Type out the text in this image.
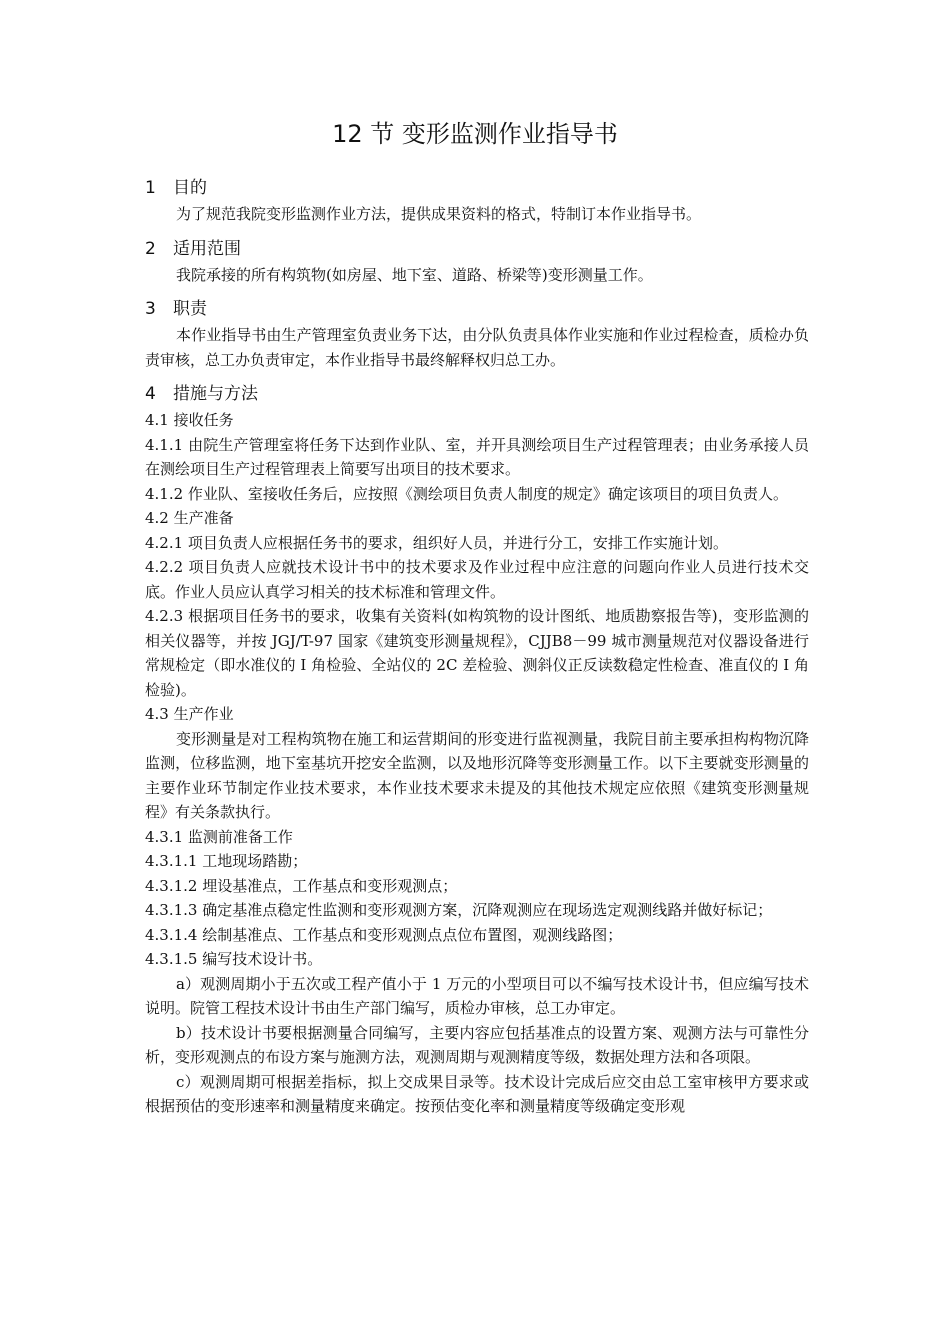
12 节 变形监测作业指导书
1 目的

为了规范我院变形监测作业方法，提供成果资料的格式，特制订本作业指导书。

2 适用范围

我院承接的所有构筑物(如房屋、地下室、道路、桥梁等)变形测量工作。

3 职责

本作业指导书由生产管理室负责业务下达，由分队负责具体作业实施和作业过程检查，质检办负责审核，总工办负责审定，本作业指导书最终解释权归总工办。

4 措施与方法

4.1 接收任务

4.1.1 由院生产管理室将任务下达到作业队、室，并开具测绘项目生产过程管理表；由业务承接人员在测绘项目生产过程管理表上简要写出项目的技术要求。

4.1.2 作业队、室接收任务后，应按照《测绘项目负责人制度的规定》确定该项目的项目负责人。

4.2 生产准备

4.2.1 项目负责人应根据任务书的要求，组织好人员，并进行分工，安排工作实施计划。

4.2.2 项目负责人应就技术设计书中的技术要求及作业过程中应注意的问题向作业人员进行技术交底。作业人员应认真学习相关的技术标准和管理文件。

4.2.3 根据项目任务书的要求，收集有关资料(如构筑物的设计图纸、地质勘察报告等)，变形监测的相关仪器等，并按 JGJ/T-97 国家《建筑变形测量规程》，CJJB8－99 城市测量规范对仪器设备进行常规检定（即水准仪的 I 角检验、全站仪的 2C 差检验、测斜仪正反读数稳定性检查、准直仪的 I 角检验)。

4.3 生产作业

变形测量是对工程构筑物在施工和运营期间的形变进行监视测量，我院目前主要承担构构物沉降监测，位移监测，地下室基坑开挖安全监测，以及地形沉降等变形测量工作。以下主要就变形测量的主要作业环节制定作业技术要求，本作业技术要求未提及的其他技术规定应依照《建筑变形测量规程》有关条款执行。

4.3.1 监测前准备工作

4.3.1.1 工地现场踏勘；

4.3.1.2 埋设基准点，工作基点和变形观测点；

4.3.1.3 确定基准点稳定性监测和变形观测方案，沉降观测应在现场选定观测线路并做好标记；

4.3.1.4 绘制基准点、工作基点和变形观测点点位布置图，观测线路图；

4.3.1.5 编写技术设计书。

a）观测周期小于五次或工程产值小于 1 万元的小型项目可以不编写技术设计书，但应编写技术说明。院管工程技术设计书由生产部门编写，质检办审核，总工办审定。

b）技术设计书要根据测量合同编写，主要内容应包括基准点的设置方案、观测方法与可靠性分析，变形观测点的布设方案与施测方法，观测周期与观测精度等级，数据处理方法和各项限。

c）观测周期可根据差指标，拟上交成果目录等。技术设计完成后应交由总工室审核甲方要求或根据预估的变形速率和测量精度来确定。按预估变化率和测量精度等级确定变形观
